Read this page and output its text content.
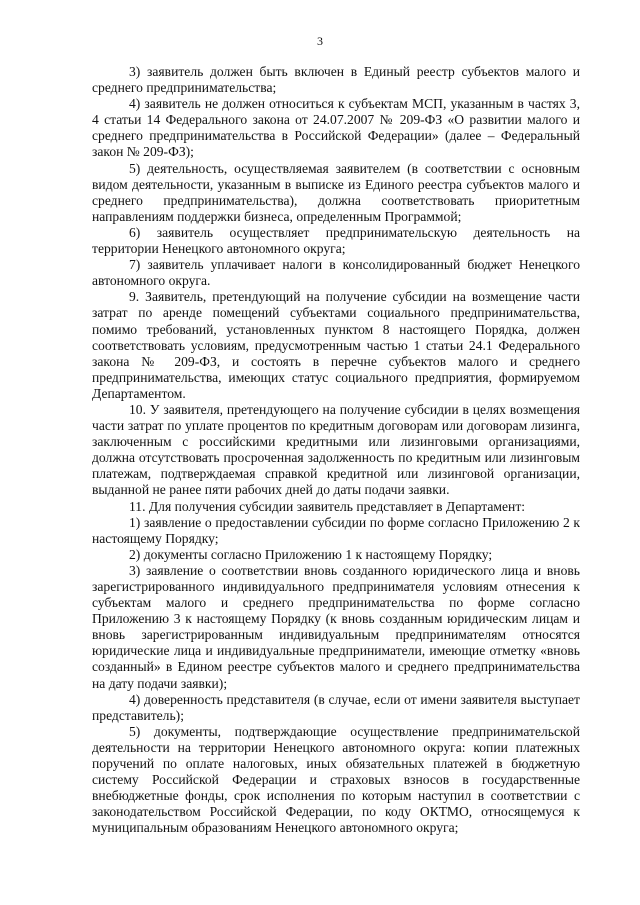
3

3) заявитель должен быть включен в Единый реестр субъектов малого и среднего предпринимательства;

4) заявитель не должен относиться к субъектам МСП, указанным в частях 3, 4 статьи 14 Федерального закона от 24.07.2007 № 209-ФЗ «О развитии малого и среднего предпринимательства в Российской Федерации» (далее – Федеральный закон № 209-ФЗ);

5) деятельность, осуществляемая заявителем (в соответствии с основным видом деятельности, указанным в выписке из Единого реестра субъектов малого и среднего предпринимательства), должна соответствовать приоритетным направлениям поддержки бизнеса, определенным Программой;

6) заявитель осуществляет предпринимательскую деятельность на территории Ненецкого автономного округа;

7) заявитель уплачивает налоги в консолидированный бюджет Ненецкого автономного округа.

9. Заявитель, претендующий на получение субсидии на возмещение части затрат по аренде помещений субъектами социального предпринимательства, помимо требований, установленных пунктом 8 настоящего Порядка, должен соответствовать условиям, предусмотренным частью 1 статьи 24.1 Федерального закона № 209-ФЗ, и состоять в перечне субъектов малого и среднего предпринимательства, имеющих статус социального предприятия, формируемом Департаментом.

10. У заявителя, претендующего на получение субсидии в целях возмещения части затрат по уплате процентов по кредитным договорам или договорам лизинга, заключенным с российскими кредитными или лизинговыми организациями, должна отсутствовать просроченная задолженность по кредитным или лизинговым платежам, подтверждаемая справкой кредитной или лизинговой организации, выданной не ранее пяти рабочих дней до даты подачи заявки.

11. Для получения субсидии заявитель представляет в Департамент:

1) заявление о предоставлении субсидии по форме согласно Приложению 2 к настоящему Порядку;

2) документы согласно Приложению 1 к настоящему Порядку;

3) заявление о соответствии вновь созданного юридического лица и вновь зарегистрированного индивидуального предпринимателя условиям отнесения к субъектам малого и среднего предпринимательства по форме согласно Приложению 3 к настоящему Порядку (к вновь созданным юридическим лицам и вновь зарегистрированным индивидуальным предпринимателям относятся юридические лица и индивидуальные предприниматели, имеющие отметку «вновь созданный» в Едином реестре субъектов малого и среднего предпринимательства на дату подачи заявки);

4) доверенность представителя (в случае, если от имени заявителя выступает представитель);

5) документы, подтверждающие осуществление предпринимательской деятельности на территории Ненецкого автономного округа: копии платежных поручений по оплате налоговых, иных обязательных платежей в бюджетную систему Российской Федерации и страховых взносов в государственные внебюджетные фонды, срок исполнения по которым наступил в соответствии с законодательством Российской Федерации, по коду ОКТМО, относящемуся к муниципальным образованиям Ненецкого автономного округа;
